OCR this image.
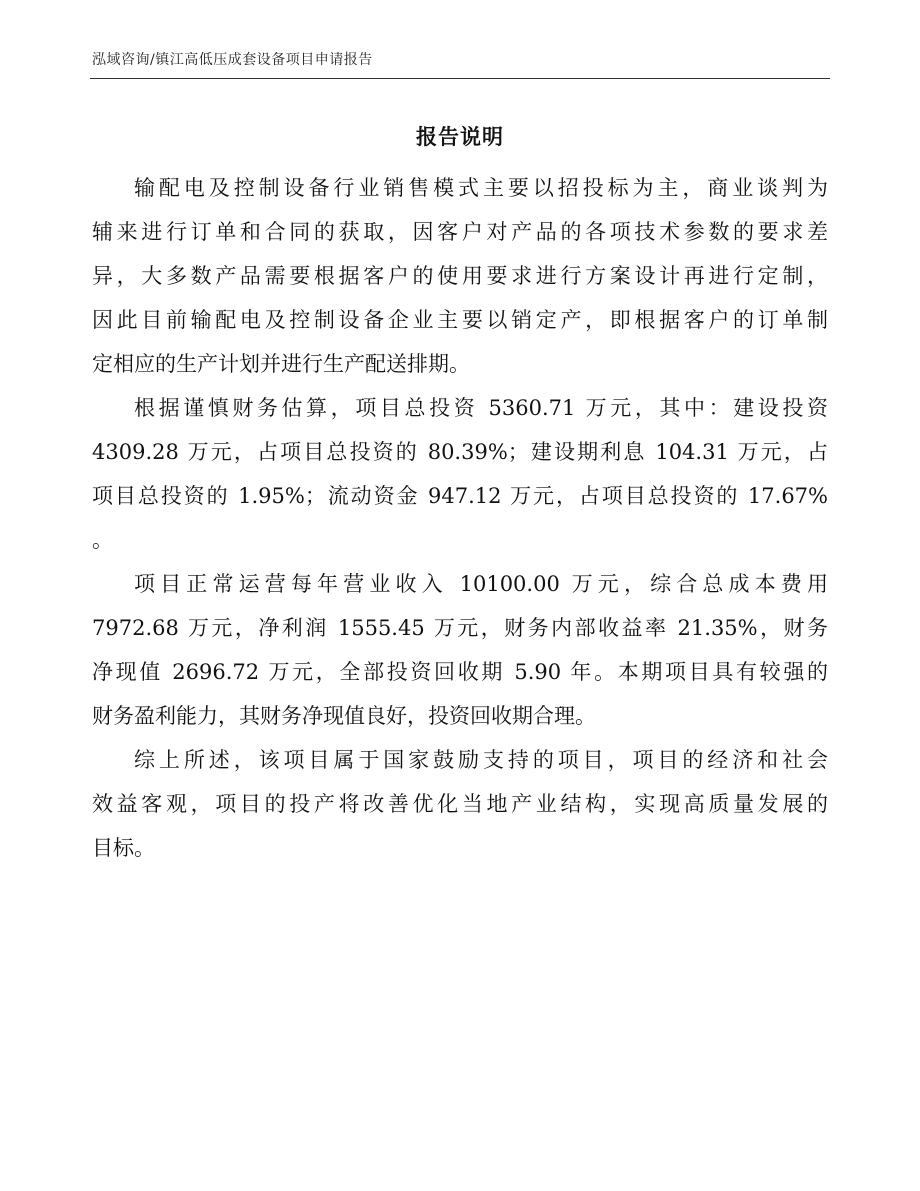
泓域咨询/镇江高低压成套设备项目申请报告
报告说明
输配电及控制设备行业销售模式主要以招投标为主，商业谈判为
辅来进行订单和合同的获取，因客户对产品的各项技术参数的要求差
异，大多数产品需要根据客户的使用要求进行方案设计再进行定制，
因此目前输配电及控制设备企业主要以销定产，即根据客户的订单制
定相应的生产计划并进行生产配送排期。
根据谨慎财务估算，项目总投资 5360.71 万元，其中：建设投资
4309.28 万元，占项目总投资的 80.39%；建设期利息 104.31 万元，占
项目总投资的 1.95%；流动资金 947.12 万元，占项目总投资的 17.67%
。
项目正常运营每年营业收入 10100.00 万元，综合总成本费用
7972.68 万元，净利润 1555.45 万元，财务内部收益率 21.35%，财务
净现值 2696.72 万元，全部投资回收期 5.90 年。本期项目具有较强的
财务盈利能力，其财务净现值良好，投资回收期合理。
综上所述，该项目属于国家鼓励支持的项目，项目的经济和社会
效益客观，项目的投产将改善优化当地产业结构，实现高质量发展的
目标。
